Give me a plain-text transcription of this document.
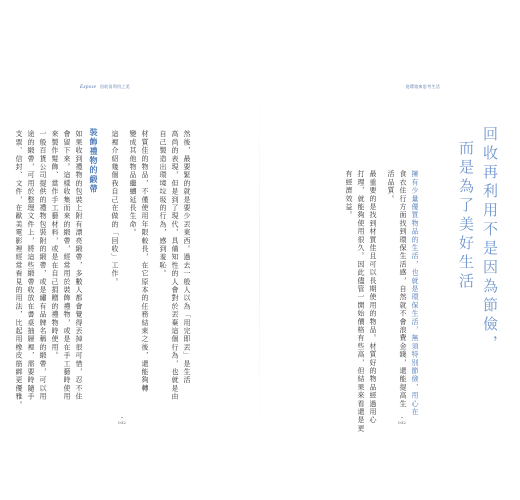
Expose 回收再利用之美
然後，最要緊的就是要少丟東西。過去一般人以為「用完即丟」是生活
高尚的表現，但是到了現代，具備知性的人會對於丟棄這個行為，也就是由
自己製造出環境垃圾的行為，感到羞恥。
材質佳的物品，不僅使用年限較長，在它原本的任務結束之後，還能夠轉
變成其他物品繼續延長生命。
這裡介紹幾個我自己在做的「回收」工作。
裝飾禮物的緞帶
如果收到禮物的包裝上附有漂亮緞帶，多數人都會覺得丟掉很可惜，忍不住
會留下來。這樣收集而來的緞帶，經常用於裝飾禮物，或是在手工藝時使用
來製作髮飾、當作手工藝材料，或是在自己捐贈的禮物時使用。
一般百貨公司提供的禮物包裝附的緞帶，或是繡有品牌名稱的緞帶，可以用
途的緞帶，可用於整理文件上，將這些緞帶收放在書桌抽屜裡，需要時隨手
支票、信封、文件，在歐美電影裡經常看見的用法，比起用橡皮筋綁更優雅。
•
032
從環境來思考生活
回收再利用不是因為節儉，
而是為了美好生活
擁有少量優質物品的生活，也就是環保生活，無須特別節儉，用心在
食衣住行方面找到環保生活感，自然就不會浪費金錢，還能提高生
活品質。
最重要的是找到材質佳且可以長期使用的物品。材質好的物品經過用心
打理，就能夠使用很久。因此儘管一開始價格有些高，但結果來看還是更
有經濟效益。
•
032
